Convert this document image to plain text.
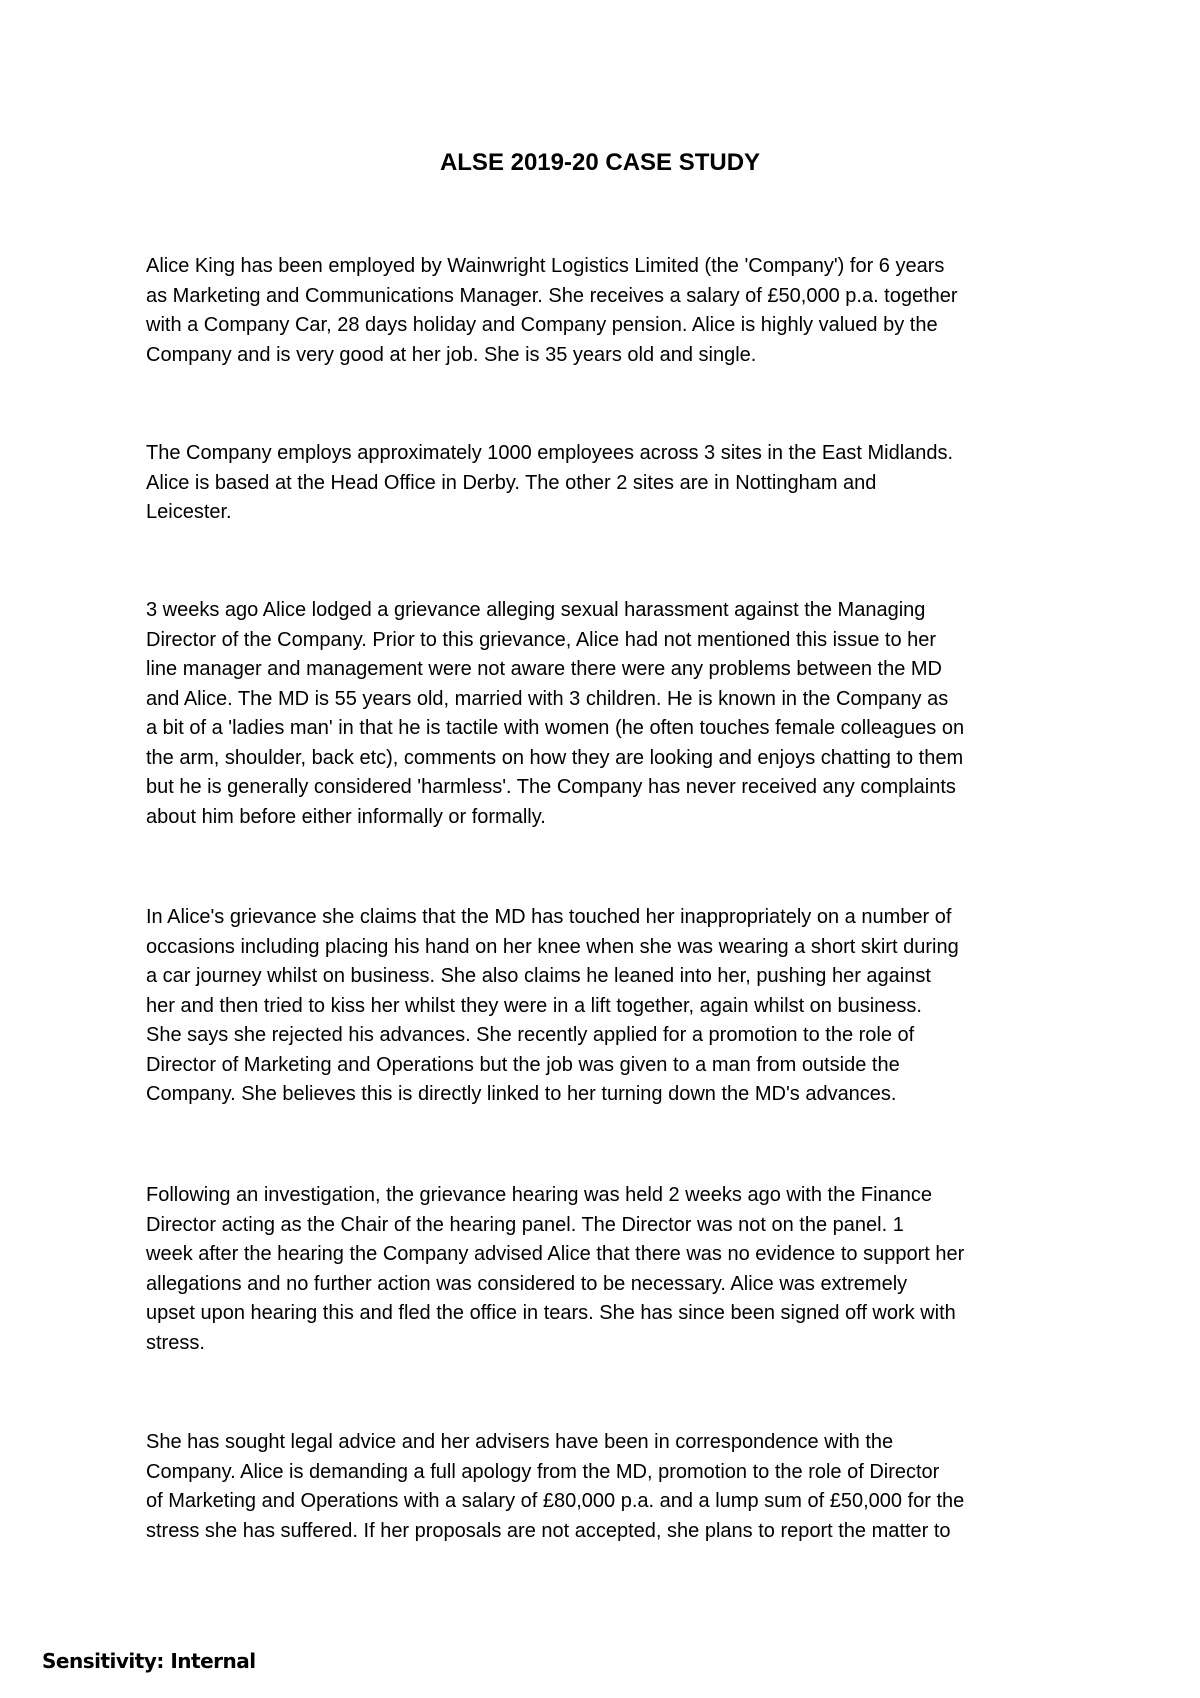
ALSE 2019-20 CASE STUDY

Alice King has been employed by Wainwright Logistics Limited (the 'Company') for 6 years
as Marketing and Communications Manager. She receives a salary of £50,000 p.a. together
with a Company Car, 28 days holiday and Company pension. Alice is highly valued by the
Company and is very good at her job. She is 35 years old and single.

The Company employs approximately 1000 employees across 3 sites in the East Midlands.
Alice is based at the Head Office in Derby. The other 2 sites are in Nottingham and
Leicester.

3 weeks ago Alice lodged a grievance alleging sexual harassment against the Managing
Director of the Company. Prior to this grievance, Alice had not mentioned this issue to her
line manager and management were not aware there were any problems between the MD
and Alice. The MD is 55 years old, married with 3 children. He is known in the Company as
a bit of a 'ladies man' in that he is tactile with women (he often touches female colleagues on
the arm, shoulder, back etc), comments on how they are looking and enjoys chatting to them
but he is generally considered 'harmless'. The Company has never received any complaints
about him before either informally or formally.

In Alice's grievance she claims that the MD has touched her inappropriately on a number of
occasions including placing his hand on her knee when she was wearing a short skirt during
a car journey whilst on business. She also claims he leaned into her, pushing her against
her and then tried to kiss her whilst they were in a lift together, again whilst on business.
She says she rejected his advances. She recently applied for a promotion to the role of
Director of Marketing and Operations but the job was given to a man from outside the
Company. She believes this is directly linked to her turning down the MD's advances.

Following an investigation, the grievance hearing was held 2 weeks ago with the Finance
Director acting as the Chair of the hearing panel. The Director was not on the panel. 1
week after the hearing the Company advised Alice that there was no evidence to support her
allegations and no further action was considered to be necessary. Alice was extremely
upset upon hearing this and fled the office in tears. She has since been signed off work with
stress.

She has sought legal advice and her advisers have been in correspondence with the
Company. Alice is demanding a full apology from the MD, promotion to the role of Director
of Marketing and Operations with a salary of £80,000 p.a. and a lump sum of £50,000 for the
stress she has suffered. If her proposals are not accepted, she plans to report the matter to

Sensitivity: Internal
